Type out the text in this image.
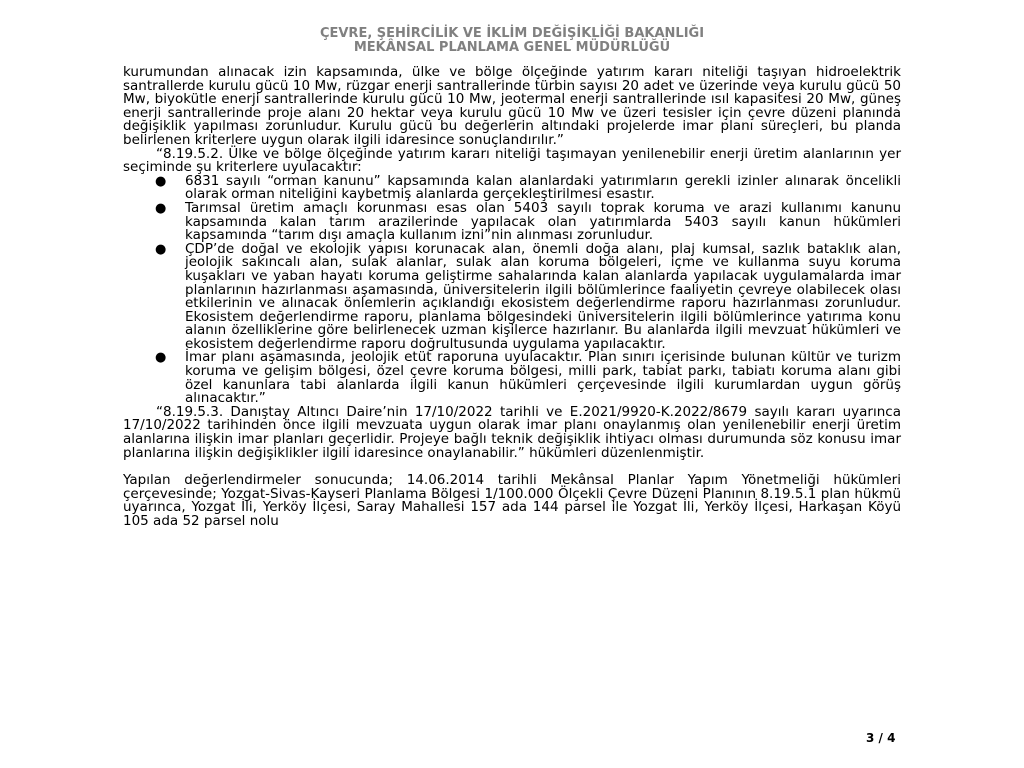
ÇEVRE, ŞEHİRCİLİK VE İKLİM DEĞİŞİKLİĞİ BAKANLIĞI
MEKÂNSAL PLANLAMA GENEL MÜDÜRLÜĞÜ

kurumundan alınacak izin kapsamında, ülke ve bölge ölçeğinde yatırım kararı niteliği taşıyan hidroelektrik santrallerde kurulu gücü 10 Mw, rüzgar enerji santrallerinde türbin sayısı 20 adet ve üzerinde veya kurulu gücü 50 Mw, biyokütle enerji santrallerinde kurulu gücü 10 Mw, jeotermal enerji santrallerinde ısıl kapasitesi 20 Mw, güneş enerji santrallerinde proje alanı 20 hektar veya kurulu gücü 10 Mw ve üzeri tesisler için çevre düzeni planında değişiklik yapılması zorunludur. Kurulu gücü bu değerlerin altındaki projelerde imar planı süreçleri, bu planda belirlenen kriterlere uygun olarak ilgili idaresince sonuçlandırılır.”

“8.19.5.2. Ülke ve bölge ölçeğinde yatırım kararı niteliği taşımayan yenilenebilir enerji üretim alanlarının yer seçiminde şu kriterlere uyulacaktır:

● 6831 sayılı “orman kanunu” kapsamında kalan alanlardaki yatırımların gerekli izinler alınarak öncelikli olarak orman niteliğini kaybetmiş alanlarda gerçekleştirilmesi esastır.
● Tarımsal üretim amaçlı korunması esas olan 5403 sayılı toprak koruma ve arazi kullanımı kanunu kapsamında kalan tarım arazilerinde yapılacak olan yatırımlarda 5403 sayılı kanun hükümleri kapsamında “tarım dışı amaçla kullanım izni”nin alınması zorunludur.
● ÇDP’de doğal ve ekolojik yapısı korunacak alan, önemli doğa alanı, plaj kumsal, sazlık bataklık alan, jeolojik sakıncalı alan, sulak alanlar, sulak alan koruma bölgeleri, içme ve kullanma suyu koruma kuşakları ve yaban hayatı koruma geliştirme sahalarında kalan alanlarda yapılacak uygulamalarda imar planlarının hazırlanması aşamasında, üniversitelerin ilgili bölümlerince faaliyetin çevreye olabilecek olası etkilerinin ve alınacak önlemlerin açıklandığı ekosistem değerlendirme raporu hazırlanması zorunludur. Ekosistem değerlendirme raporu, planlama bölgesindeki üniversitelerin ilgili bölümlerince yatırıma konu alanın özelliklerine göre belirlenecek uzman kişilerce hazırlanır. Bu alanlarda ilgili mevzuat hükümleri ve ekosistem değerlendirme raporu doğrultusunda uygulama yapılacaktır.
● İmar planı aşamasında, jeolojik etüt raporuna uyulacaktır. Plan sınırı içerisinde bulunan kültür ve turizm koruma ve gelişim bölgesi, özel çevre koruma bölgesi, milli park, tabiat parkı, tabiatı koruma alanı gibi özel kanunlara tabi alanlarda ilgili kanun hükümleri çerçevesinde ilgili kurumlardan uygun görüş alınacaktır.”

“8.19.5.3. Danıştay Altıncı Daire’nin 17/10/2022 tarihli ve E.2021/9920-K.2022/8679 sayılı kararı uyarınca 17/10/2022 tarihinden önce ilgili mevzuata uygun olarak imar planı onaylanmış olan yenilenebilir enerji üretim alanlarına ilişkin imar planları geçerlidir. Projeye bağlı teknik değişiklik ihtiyacı olması durumunda söz konusu imar planlarına ilişkin değişiklikler ilgili idaresince onaylanabilir.” hükümleri düzenlenmiştir.

Yapılan değerlendirmeler sonucunda; 14.06.2014 tarihli Mekânsal Planlar Yapım Yönetmeliği hükümleri çerçevesinde; Yozgat-Sivas-Kayseri Planlama Bölgesi 1/100.000 Ölçekli Çevre Düzeni Planının 8.19.5.1 plan hükmü uyarınca, Yozgat İli, Yerköy İlçesi, Saray Mahallesi 157 ada 144 parsel ile Yozgat İli, Yerköy İlçesi, Harkaşan Köyü 105 ada 52 parsel nolu

3 / 4
